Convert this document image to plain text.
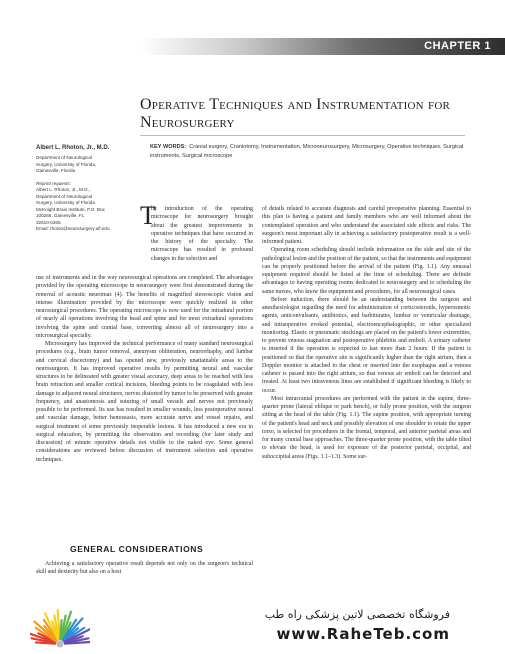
CHAPTER 1
Operative Techniques and Instrumentation for
Neurosurgery
KEY WORDS: Cranial surgery, Craniotomy, Instrumentation, Microneurosurgery, Microsurgery, Operative techniques, Surgical instruments, Surgical microscope
Albert L. Rhoton, Jr., M.D.
Department of Neurological
Surgery, University of Florida,
Gainesville, Florida
Reprint requests:
Albert L. Rhoton, Jr., M.D.,
Department of Neurological
Surgery, University of Florida
McKnight Brain Institute, P.O. Box
100265, Gainesville, FL
32610-0265.
Email: rhoton@neurosurgery.ufl.edu	T

he introduction of the operating microscope for neurosurgery brought about the greatest improvements in operative techniques that have occurred in the history of the specialty. The microscope has resulted in profound changes in the selection and

use of instruments and in the way neurosurgical operations are completed. The advantages provided by the operating microscope in neurosurgery were first demonstrated during the removal of acoustic neuromas (4). The benefits of magnified stereoscopic vision and intense illumination provided by the microscope were quickly realized in other neurosurgical procedures. The operating microscope is now used for the intradural portion of nearly all operations involving the head and spine and for most extradural operations involving the spine and cranial base, converting almost all of neurosurgery into a microsurgical specialty.

Microsurgery has improved the technical performance of many standard neurosurgical procedures (e.g., brain tumor removal, aneurysm obliteration, neurorrhaphy, and lumbar and cervical discectomy) and has opened new, previously unattainable areas to the neurosurgeon. It has improved operative results by permitting neural and vascular structures to be delineated with greater visual accuracy, deep areas to be reached with less brain retraction and smaller cortical incisions, bleeding points to be coagulated with less damage to adjacent neural structures, nerves distorted by tumor to be preserved with greater frequency, and anastomosis and suturing of small vessels and nerves not previously possible to be performed. Its use has resulted in smaller wounds, less postoperative neural and vascular damage, better hemostasis, more accurate nerve and vessel repairs, and surgical treatment of some previously inoperable lesions. It has introduced a new era in surgical education, by permitting the observation and recording (for later study and discussion) of minute operative details not visible to the naked eye. Some general considerations are reviewed before discussion of instrument selection and operative techniques.

GENERAL CONSIDERATIONS

Achieving a satisfactory operative result depends not only on the surgeon's technical skill and dexterity but also on a host

of details related to accurate diagnosis and careful preoperative planning. Essential to this plan is having a patient and family members who are well informed about the contemplated operation and who understand the associated side effects and risks. The surgeon's most important ally in achieving a satisfactory postoperative result is a well-informed patient.

Operating room scheduling should include information on the side and site of the pathological lesion and the position of the patient, so that the instruments and equipment can be properly positioned before the arrival of the patient (Fig. 1.1). Any unusual equipment required should be listed at the time of scheduling. There are definite advantages to having operating rooms dedicated to neurosurgery and to scheduling the same nurses, who know the equipment and procedures, for all neurosurgical cases.

Before induction, there should be an understanding between the surgeon and anesthesiologist regarding the need for administration of corticosteroids, hyperosmotic agents, anticonvulsants, antibiotics, and barbiturates, lumbar or ventricular drainage, and intraoperative evoked potential, electroencephalographic, or other specialized monitoring. Elastic or pneumatic stockings are placed on the patient's lower extremities, to prevent venous stagnation and postoperative phlebitis and emboli. A urinary catheter is inserted if the operation is expected to last more than 2 hours. If the patient is positioned so that the operative site is significantly higher than the right atrium, then a Doppler monitor is attached to the chest or inserted into the esophagus and a venous catheter is passed into the right atrium, so that venous air emboli can be detected and treated. At least two intravenous lines are established if significant bleeding is likely to occur.

Most intracranial procedures are performed with the patient in the supine, three-quarter prone (lateral oblique or park bench), or fully prone position, with the surgeon sitting at the head of the table (Fig. 1.1). The supine position, with appropriate turning of the patient's head and neck and possibly elevation of one shoulder to rotate the upper torso, is selected for procedures in the frontal, temporal, and anterior parietal areas and for many cranial base approaches. The three-quarter prone position, with the table tilted to elevate the head, is used for exposure of the posterior parietal, occipital, and suboccipital areas (Figs. 1.1–1.3). Some sur-

فروشگاه تخصصی لاتین پزشکی راه طب
www.RaheTeb.com
